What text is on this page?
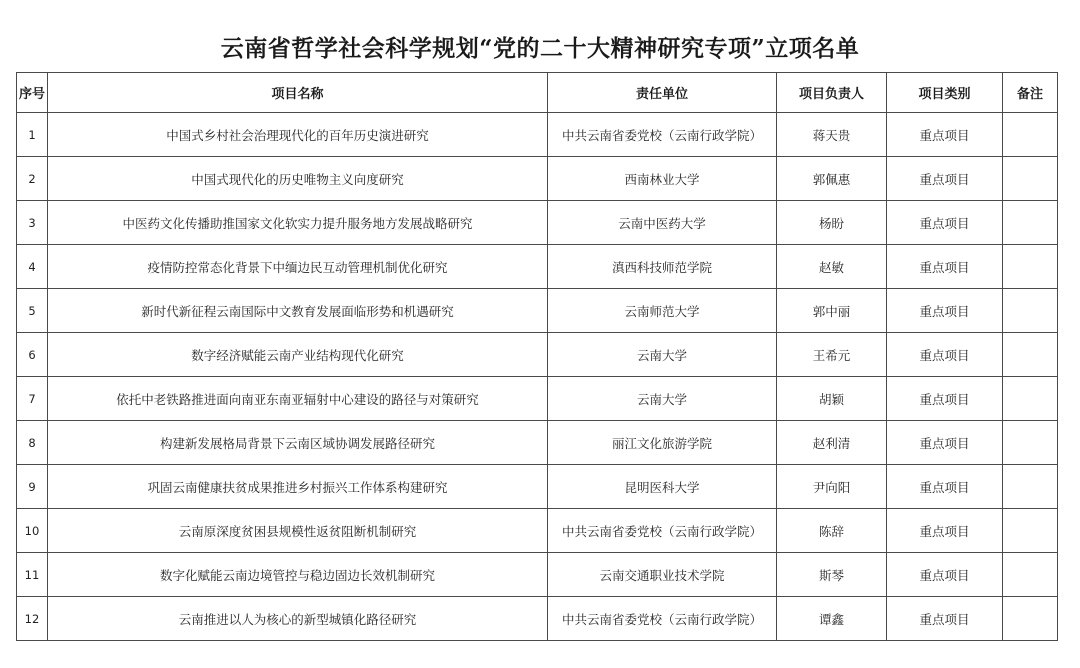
云南省哲学社会科学规划“党的二十大精神研究专项”立项名单
序号	项目名称	责任单位	项目负责人	项目类别	备注
1	中国式乡村社会治理现代化的百年历史演进研究	中共云南省委党校（云南行政学院）	蒋天贵	重点项目	
2	中国式现代化的历史唯物主义向度研究	西南林业大学	郭佩惠	重点项目	
3	中医药文化传播助推国家文化软实力提升服务地方发展战略研究	云南中医药大学	杨盼	重点项目	
4	疫情防控常态化背景下中缅边民互动管理机制优化研究	滇西科技师范学院	赵敏	重点项目	
5	新时代新征程云南国际中文教育发展面临形势和机遇研究	云南师范大学	郭中丽	重点项目	
6	数字经济赋能云南产业结构现代化研究	云南大学	王希元	重点项目	
7	依托中老铁路推进面向南亚东南亚辐射中心建设的路径与对策研究	云南大学	胡颖	重点项目	
8	构建新发展格局背景下云南区域协调发展路径研究	丽江文化旅游学院	赵利清	重点项目	
9	巩固云南健康扶贫成果推进乡村振兴工作体系构建研究	昆明医科大学	尹向阳	重点项目	
10	云南原深度贫困县规模性返贫阻断机制研究	中共云南省委党校（云南行政学院）	陈辞	重点项目	
11	数字化赋能云南边境管控与稳边固边长效机制研究	云南交通职业技术学院	斯琴	重点项目	
12	云南推进以人为核心的新型城镇化路径研究	中共云南省委党校（云南行政学院）	谭鑫	重点项目	
